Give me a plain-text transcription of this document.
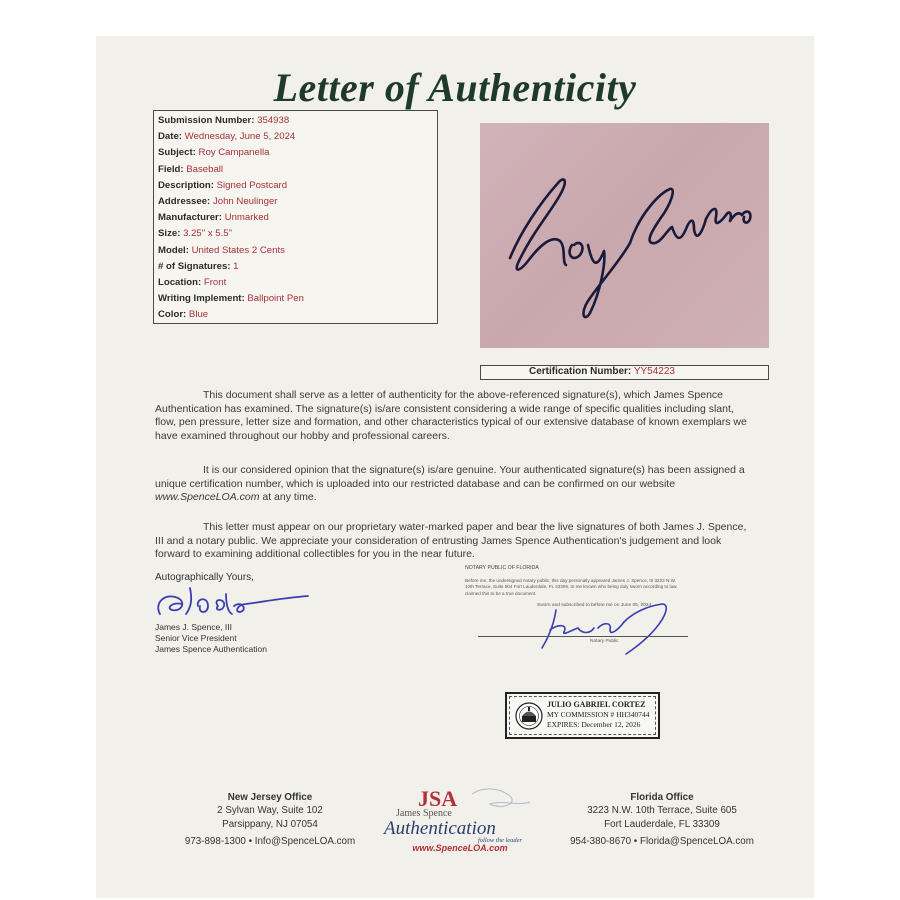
Letter of Authenticity
Submission Number: 354938
Date: Wednesday, June 5, 2024
Subject: Roy Campanella
Field: Baseball
Description: Signed Postcard
Addressee: John Neulinger
Manufacturer: Unmarked
Size: 3.25" x 5.5"
Model: United States 2 Cents
# of Signatures: 1
Location: Front
Writing Implement: Ballpoint Pen
Color: Blue
Certification Number: YY54223

This document shall serve as a letter of authenticity for the above-referenced signature(s), which James Spence Authentication has examined. The signature(s) is/are consistent considering a wide range of specific qualities including slant, flow, pen pressure, letter size and formation, and other characteristics typical of our extensive database of known exemplars we have examined throughout our hobby and professional careers.

It is our considered opinion that the signature(s) is/are genuine. Your authenticated signature(s) has been assigned a unique certification number, which is uploaded into our restricted database and can be confirmed on our website www.SpenceLOA.com at any time.

This letter must appear on our proprietary water-marked paper and bear the live signatures of both James J. Spence, III and a notary public. We appreciate your consideration of entrusting James Spence Authentication's judgement and look forward to examining additional collectibles for you in the near future.

Autographically Yours,
James J. Spence, III
Senior Vice President
James Spence Authentication
NOTARY PUBLIC OF FLORIDA
Before me, the undersigned notary public, this day personally appeared James J. Spence, III 3223 N.W. 10th Terrace, Suite 604 Fort Lauderdale, FL 33309, to me known who being duly sworn according to law, claimed this to be a true document.
Sworn and subscribed to before me on June 05, 2024
Notary Public
JULIO GABRIEL CORTEZ
MY COMMISSION # HH340744
EXPIRES: December 12, 2026
New Jersey Office
2 Sylvan Way, Suite 102
Parsippany, NJ 07054
973-898-1300 • Info@SpenceLOA.com
Florida Office
3223 N.W. 10th Terrace, Suite 605
Fort Lauderdale, FL 33309
954-380-8670 • Florida@SpenceLOA.com
JSA
James Spence
Authentication
follow the leader
www.SpenceLOA.com
